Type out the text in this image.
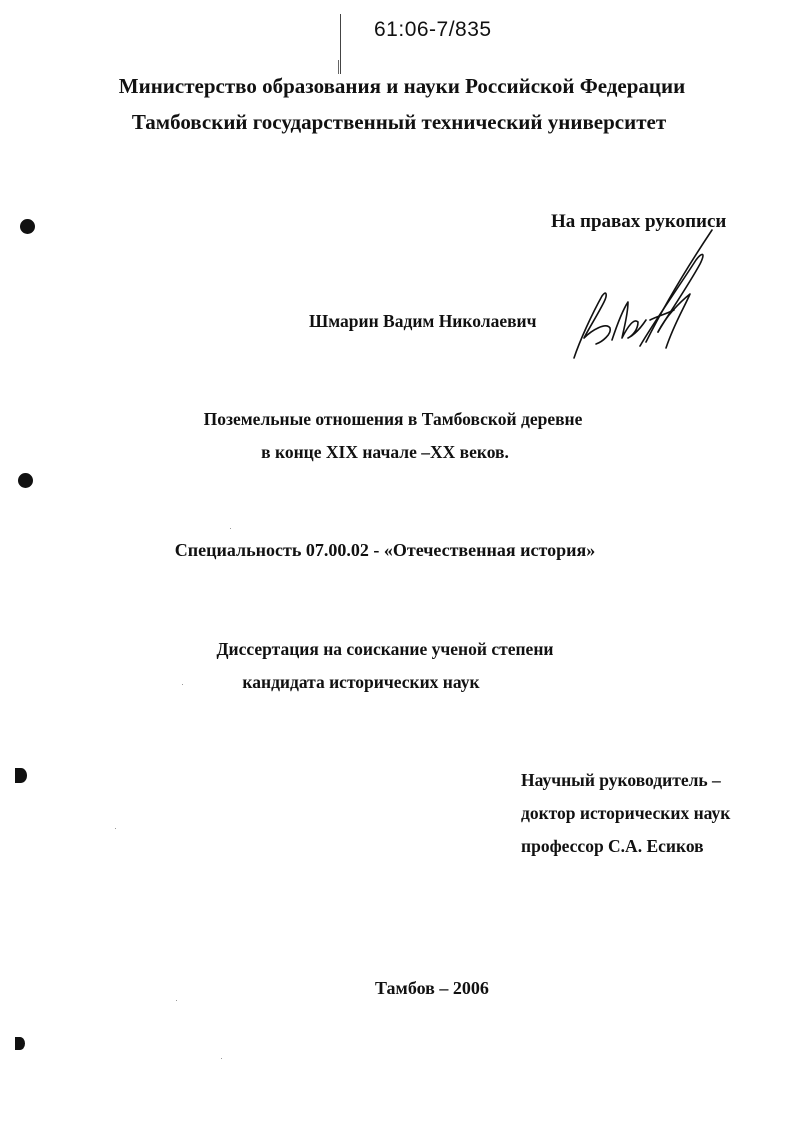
61:06-7/835
Министерство образования и науки Российской Федерации
Тамбовский государственный технический университет
На правах рукописи
Шмарин Вадим Николаевич
Поземельные отношения в Тамбовской деревне
в конце XIX начале –XX веков.
Специальность 07.00.02 - «Отечественная история»
Диссертация на соискание ученой степени
кандидата исторических наук
Научный руководитель –
доктор исторических наук
профессор С.А. Есиков
Тамбов – 2006
